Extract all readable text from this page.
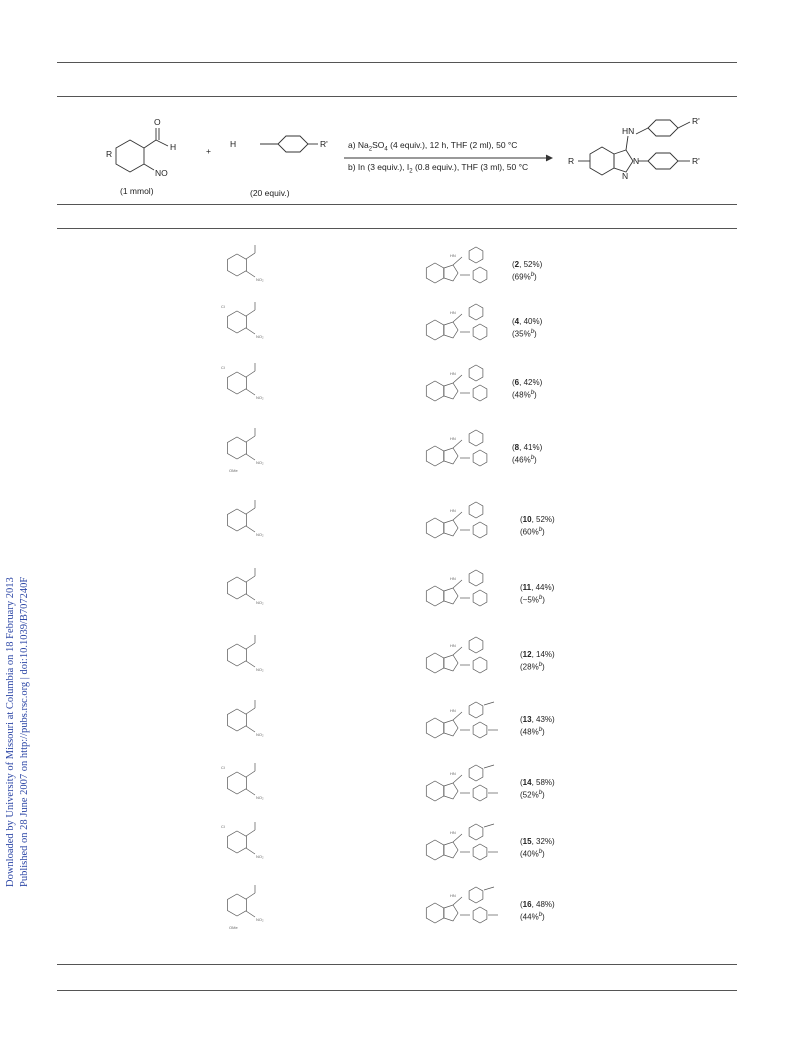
Downloaded by University of Missouri at Columbia on 18 February 2013 Published on 28 June 2007 on http://pubs.rsc.org | doi:10.1039/B707240F
R
O
H
NO
+
H	R'
R
HN
R'
N
N
R'
(1 mmol)	(20 equiv.)
a) $Na_2SO_4$ (4 equiv.), 12 h, THF (2 ml), 50 °C
b) In (3 equiv.), $I_2$ (0.8 equiv.), THF (3 ml), 50 °C
NO₂
HN
(2, 52%)
(69%$^b$)
NO₂
Cl
HN
(4, 40%)
(35%$^b$)
NO₂
Cl
HN
(6, 42%)
(48%$^b$)
NO₂
OMe
HN
(8, 41%)
(46%$^b$)
NO₂
HN
(10, 52%)
(60%$^b$)
NO₂
HN
(11, 44%)
(~5%$^b$)
NO₂
HN
(12, 14%)
(28%$^b$)
NO₂
HN
(13, 43%)
(48%$^b$)
NO₂
Cl
HN
(14, 58%)
(52%$^b$)
NO₂
Cl
HN
(15, 32%)
(40%$^b$)
NO₂
OMe
HN
(16, 48%)
(44%$^b$)
